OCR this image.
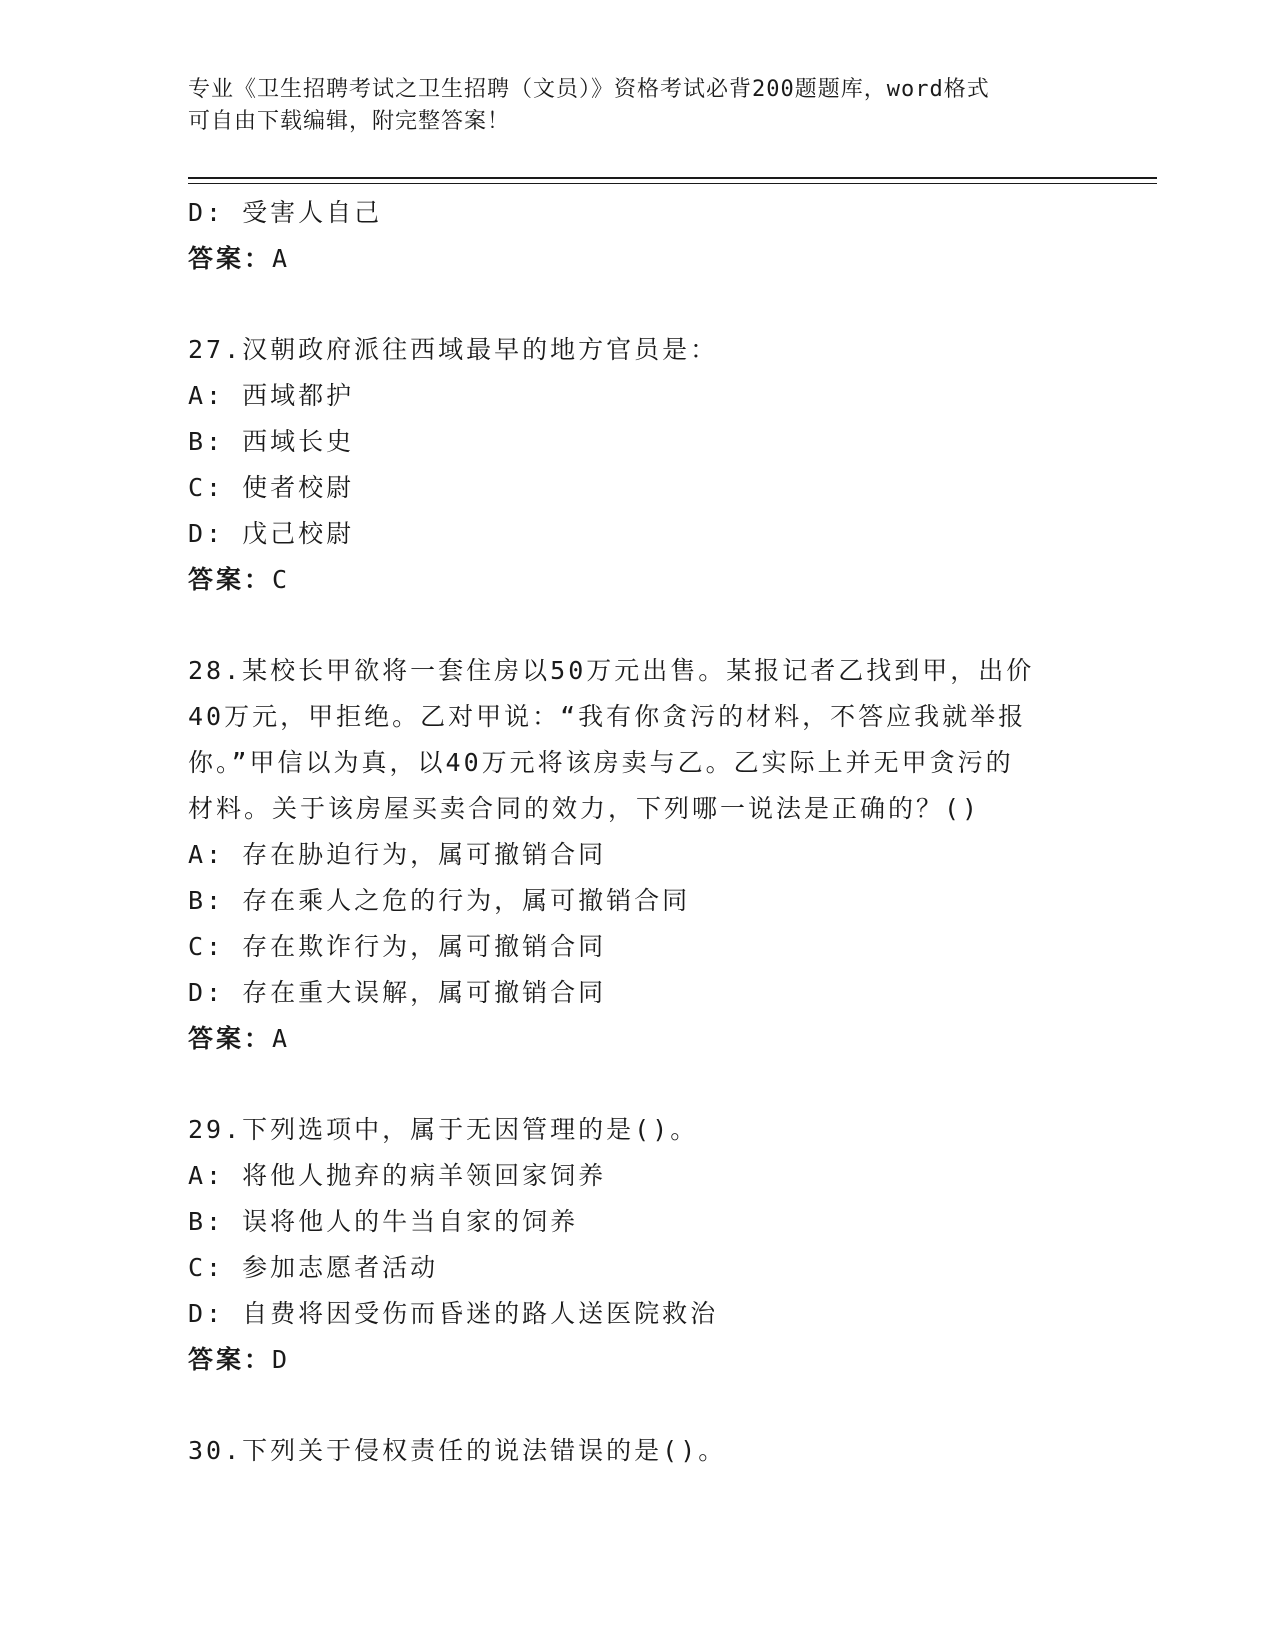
专业《卫生招聘考试之卫生招聘（文员）》资格考试必背200题题库，word格式
可自由下载编辑，附完整答案！
D: 受害人自己
答案：A
27.汉朝政府派往西域最早的地方官员是：
A: 西域都护
B: 西域长史
C: 使者校尉
D: 戊己校尉
答案：C
28.某校长甲欲将一套住房以50万元出售。某报记者乙找到甲，出价
40万元，甲拒绝。乙对甲说：“我有你贪污的材料，不答应我就举报
你。”甲信以为真，以40万元将该房卖与乙。乙实际上并无甲贪污的
材料。关于该房屋买卖合同的效力，下列哪一说法是正确的？()
A: 存在胁迫行为，属可撤销合同
B: 存在乘人之危的行为，属可撤销合同
C: 存在欺诈行为，属可撤销合同
D: 存在重大误解，属可撤销合同
答案：A
29.下列选项中，属于无因管理的是()。
A: 将他人抛弃的病羊领回家饲养
B: 误将他人的牛当自家的饲养
C: 参加志愿者活动
D: 自费将因受伤而昏迷的路人送医院救治
答案：D
30.下列关于侵权责任的说法错误的是()。
